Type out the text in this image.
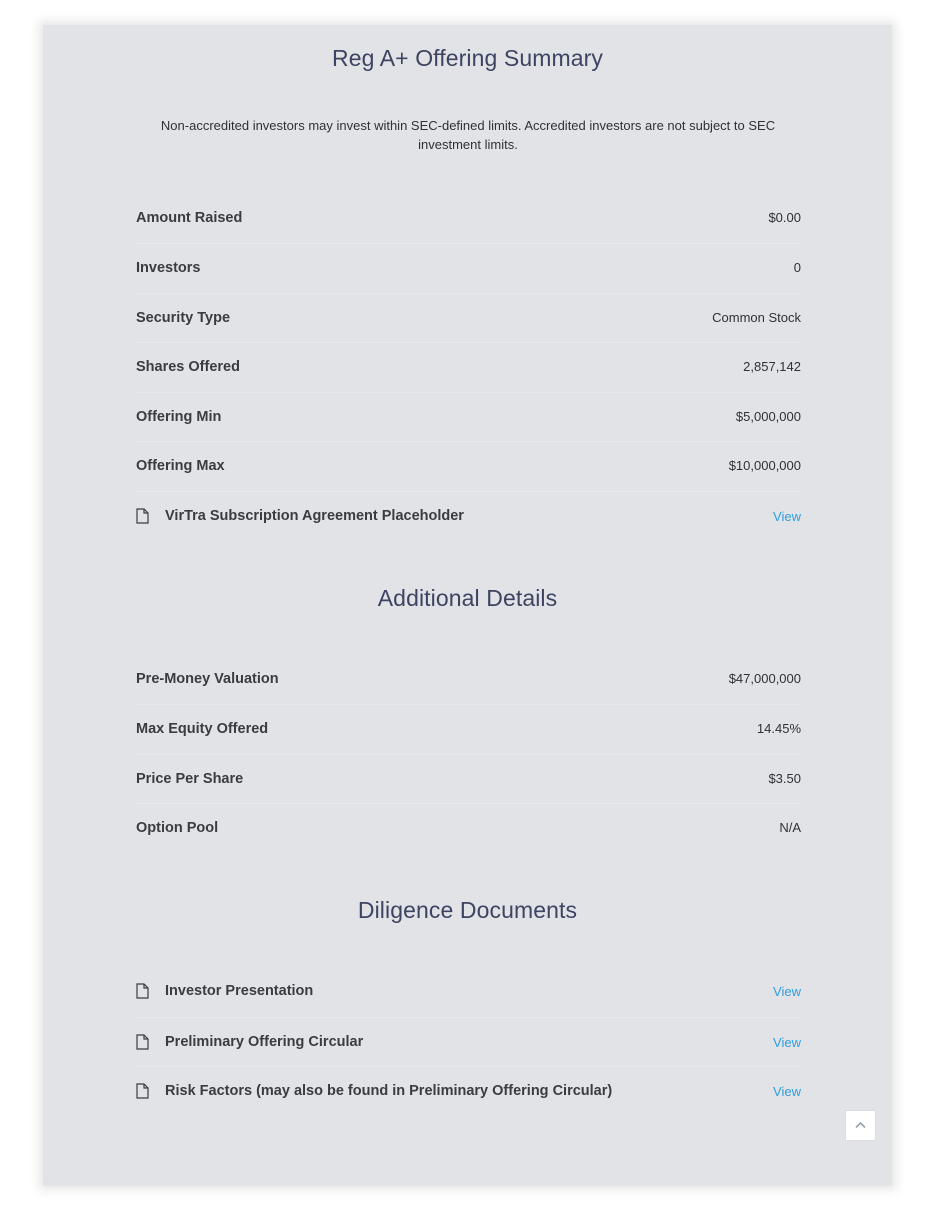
Reg A+ Offering Summary
Non-accredited investors may invest within SEC-defined limits. Accredited investors are not subject to SEC investment limits.
Amount Raised	$0.00
Investors	0
Security Type	Common Stock
Shares Offered	2,857,142
Offering Min	$5,000,000
Offering Max	$10,000,000
VirTra Subscription Agreement Placeholder	View
Additional Details
Pre-Money Valuation	$47,000,000
Max Equity Offered	14.45%
Price Per Share	$3.50
Option Pool	N/A
Diligence Documents
Investor Presentation	View
Preliminary Offering Circular	View
Risk Factors (may also be found in Preliminary Offering Circular)	View
